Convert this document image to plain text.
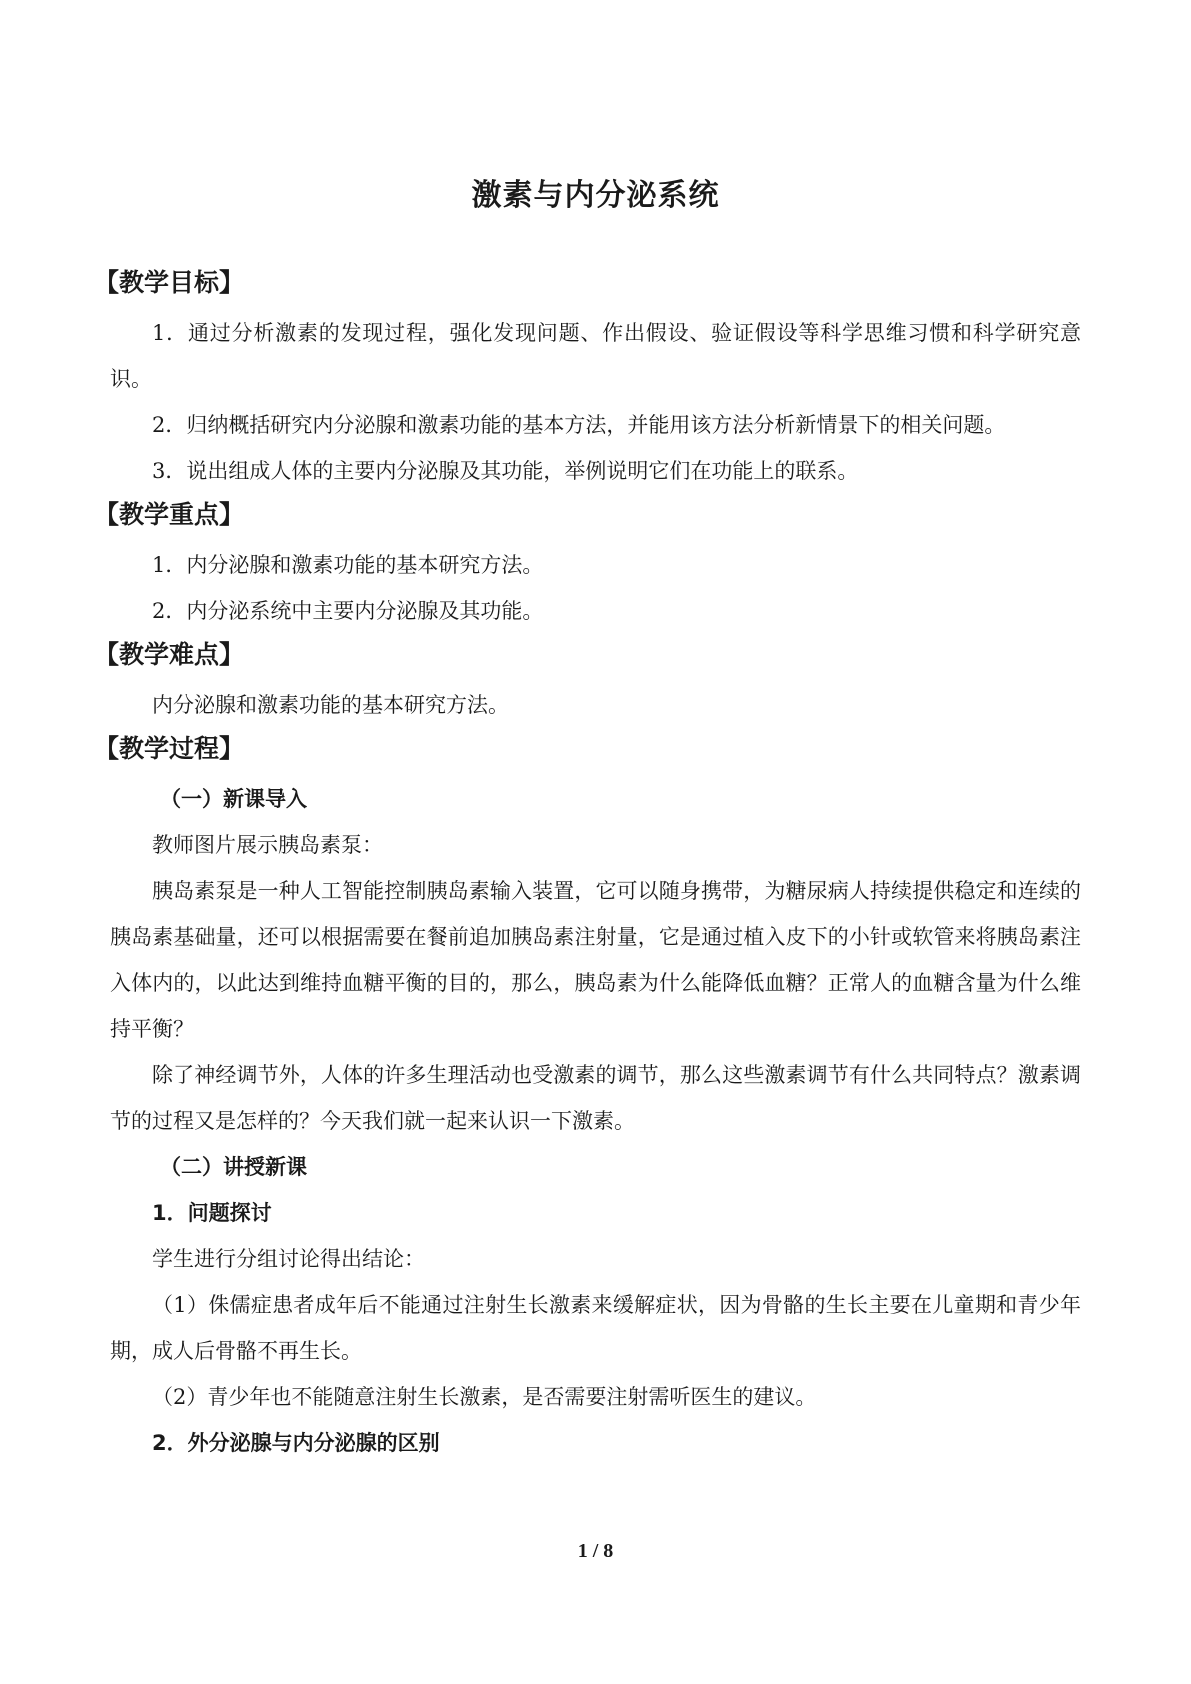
激素与内分泌系统
【教学目标】

1．通过分析激素的发现过程，强化发现问题、作出假设、验证假设等科学思维习惯和科学研究意识。

2．归纳概括研究内分泌腺和激素功能的基本方法，并能用该方法分析新情景下的相关问题。

3．说出组成人体的主要内分泌腺及其功能，举例说明它们在功能上的联系。

【教学重点】

1．内分泌腺和激素功能的基本研究方法。

2．内分泌系统中主要内分泌腺及其功能。

【教学难点】

内分泌腺和激素功能的基本研究方法。

【教学过程】

（一）新课导入

教师图片展示胰岛素泵：

胰岛素泵是一种人工智能控制胰岛素输入装置，它可以随身携带，为糖尿病人持续提供稳定和连续的胰岛素基础量，还可以根据需要在餐前追加胰岛素注射量，它是通过植入皮下的小针或软管来将胰岛素注入体内的，以此达到维持血糖平衡的目的，那么，胰岛素为什么能降低血糖？正常人的血糖含量为什么维持平衡？

除了神经调节外，人体的许多生理活动也受激素的调节，那么这些激素调节有什么共同特点？激素调节的过程又是怎样的？今天我们就一起来认识一下激素。

（二）讲授新课

1．问题探讨

学生进行分组讨论得出结论：

（1）侏儒症患者成年后不能通过注射生长激素来缓解症状，因为骨骼的生长主要在儿童期和青少年期，成人后骨骼不再生长。

（2）青少年也不能随意注射生长激素，是否需要注射需听医生的建议。

2．外分泌腺与内分泌腺的区别

1 / 8
